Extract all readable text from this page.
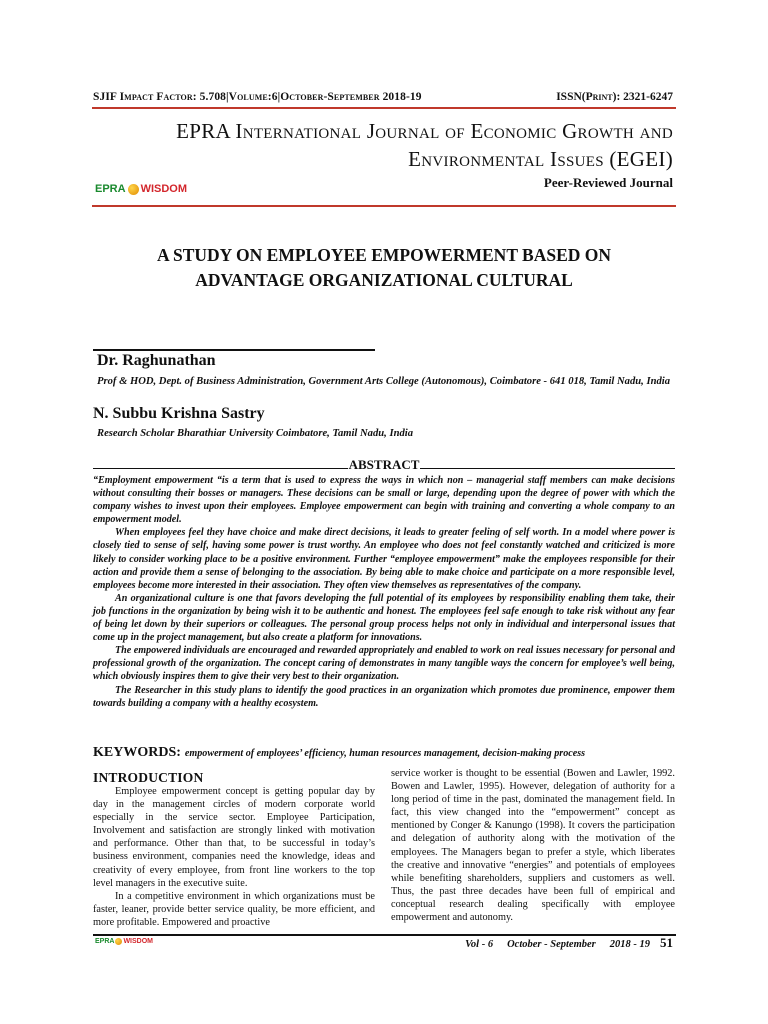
SJIF Impact Factor: 5.708|Volume:6|October-September 2018-19	ISSN(Print): 2321-6247
EPRA International Journal of Economic Growth and
Environmental Issues (EGEI)
Peer-Reviewed Journal
EPRA WISDOM
A STUDY ON EMPLOYEE EMPOWERMENT BASED ON
ADVANTAGE ORGANIZATIONAL CULTURAL
Dr. Raghunathan
Prof & HOD, Dept. of Business Administration, Government Arts College (Autonomous), Coimbatore - 641 018, Tamil Nadu, India
N. Subbu Krishna Sastry
Research Scholar Bharathiar University Coimbatore, Tamil Nadu, India
ABSTRACT

“Employment empowerment “is a term that is used to express the ways in which non – managerial staff members can make decisions without consulting their bosses or managers. These decisions can be small or large, depending upon the degree of power with which the company wishes to invest upon their employees. Employee empowerment can begin with training and converting a whole company to an empowerment model.

When employees feel they have choice and make direct decisions, it leads to greater feeling of self worth. In a model where power is closely tied to sense of self, having some power is trust worthy. An employee who does not feel constantly watched and criticized is more likely to consider working place to be a positive environment. Further “employee empowerment” make the employees responsible for their action and provide them a sense of belonging to the association. By being able to make choice and participate on a more responsible level, employees become more interested in their association. They often view themselves as representatives of the company.

An organizational culture is one that favors developing the full potential of its employees by responsibility enabling them take, their job functions in the organization by being wish it to be authentic and honest. The employees feel safe enough to take risk without any fear of being let down by their superiors or colleagues. The personal group process helps not only in individual and interpersonal issues that come up in the project management, but also create a platform for innovations.

The empowered individuals are encouraged and rewarded appropriately and enabled to work on real issues necessary for personal and professional growth of the organization. The concept caring of demonstrates in many tangible ways the concern for employee’s well being, which obviously inspires them to give their very best to their organization.

The Researcher in this study plans to identify the good practices in an organization which promotes due prominence, empower them towards building a company with a healthy ecosystem.

KEYWORDS: empowerment of employees’ efficiency, human resources management, decision-making process
INTRODUCTION

Employee empowerment concept is getting popular day by day in the management circles of modern corporate world especially in the service sector. Employee Participation, Involvement and satisfaction are strongly linked with motivation and performance. Other than that, to be successful in today’s business environment, companies need the knowledge, ideas and creativity of every employee, from front line workers to the top level managers in the executive suite.

In a competitive environment in which organizations must be faster, leaner, provide better service quality, be more efficient, and more profitable. Empowered and proactive

service worker is thought to be essential (Bowen and Lawler, 1992. Bowen and Lawler, 1995). However, delegation of authority for a long period of time in the past, dominated the management field. In fact, this view changed into the “empowerment” concept as mentioned by Conger & Kanungo (1998). It covers the participation and delegation of authority along with the motivation of the employees. The Managers began to prefer a style, which liberates the creative and innovative “energies” and potentials of employees while benefiting shareholders, suppliers and customers as well. Thus, the past three decades have been full of empirical and conceptual research dealing specifically with employee empowerment and autonomy.

EPRA WISDOM	Vol - 6 October - September 2018 - 19 51
